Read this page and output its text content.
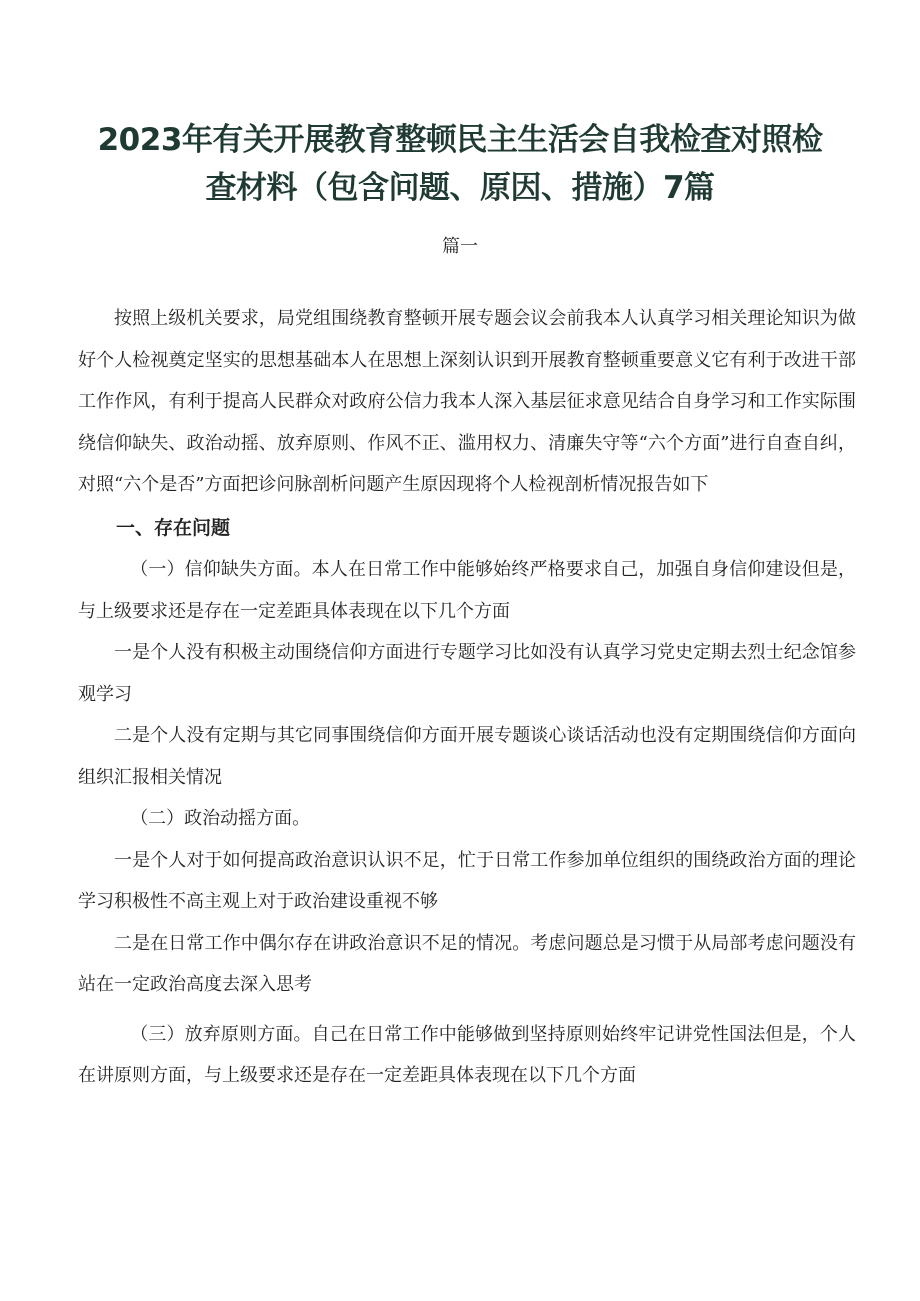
2023年有关开展教育整顿民主生活会自我检查对照检
查材料（包含问题、原因、措施）7篇
篇一

按照上级机关要求，局党组围绕教育整顿开展专题会议会前我本人认真学习相关理论知识为做好个人检视奠定坚实的思想基础本人在思想上深刻认识到开展教育整顿重要意义它有利于改进干部工作作风，有利于提高人民群众对政府公信力我本人深入基层征求意见结合自身学习和工作实际围绕信仰缺失、政治动摇、放弃原则、作风不正、滥用权力、清廉失守等“六个方面”进行自查自纠，对照“六个是否”方面把诊问脉剖析问题产生原因现将个人检视剖析情况报告如下

一、存在问题

（一）信仰缺失方面。本人在日常工作中能够始终严格要求自己，加强自身信仰建设但是，与上级要求还是存在一定差距具体表现在以下几个方面

一是个人没有积极主动围绕信仰方面进行专题学习比如没有认真学习党史定期去烈士纪念馆参观学习

二是个人没有定期与其它同事围绕信仰方面开展专题谈心谈话活动也没有定期围绕信仰方面向组织汇报相关情况

（二）政治动摇方面。

一是个人对于如何提高政治意识认识不足，忙于日常工作参加单位组织的围绕政治方面的理论学习积极性不高主观上对于政治建设重视不够

二是在日常工作中偶尔存在讲政治意识不足的情况。考虑问题总是习惯于从局部考虑问题没有站在一定政治高度去深入思考

（三）放弃原则方面。自己在日常工作中能够做到坚持原则始终牢记讲党性国法但是，个人在讲原则方面，与上级要求还是存在一定差距具体表现在以下几个方面
